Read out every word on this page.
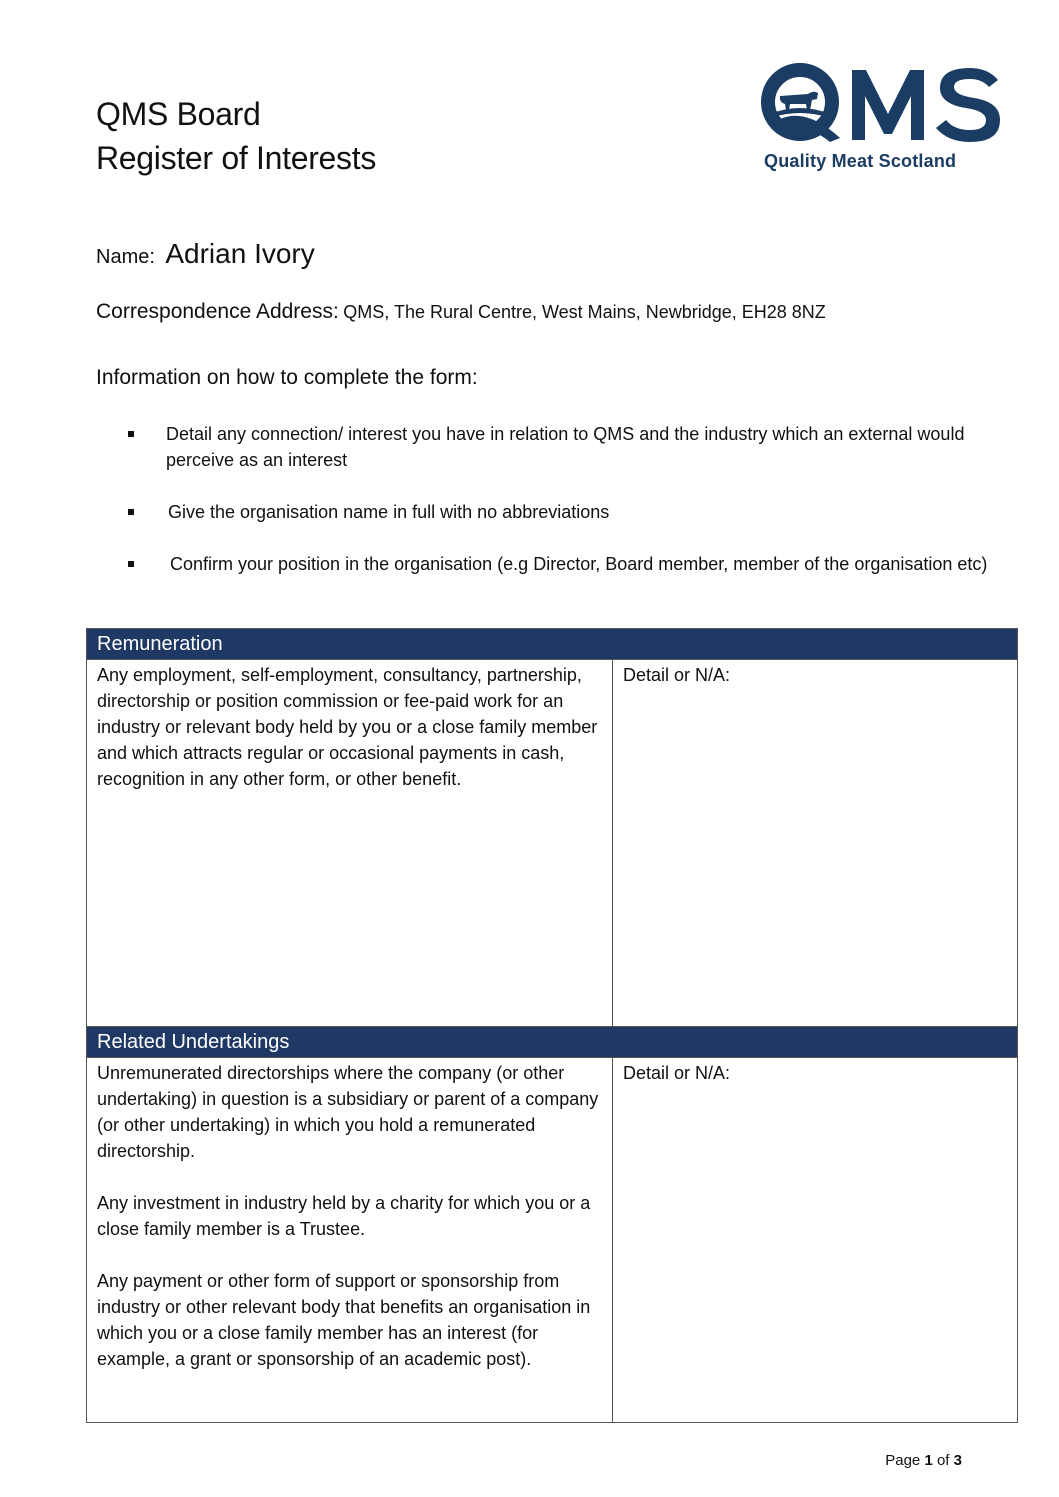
QMS Board
Register of Interests	Quality Meat Scotland
Name: Adrian Ivory
Correspondence Address: QMS, The Rural Centre, West Mains, Newbridge, EH28 8NZ
Information on how to complete the form:
Detail any connection/ interest you have in relation to QMS and the industry which an external would perceive as an interest
Give the organisation name in full with no abbreviations
Confirm your position in the organisation (e.g Director, Board member, member of the organisation etc)
Remuneration	

Any employment, self-employment, consultancy, partnership, directorship or position commission or fee-paid work for an industry or relevant body held by you or a close family member and which attracts regular or occasional payments in cash, recognition in any other form, or other benefit.	Detail or N/A:
Related Undertakings	

Unremunerated directorships where the company (or other undertaking) in question is a subsidiary or parent of a company (or other undertaking) in which you hold a remunerated directorship.

Any investment in industry held by a charity for which you or a close family member is a Trustee.

Any payment or other form of support or sponsorship from industry or other relevant body that benefits an organisation in which you or a close family member has an interest (for example, a grant or sponsorship of an academic post).	Detail or N/A:
Page 1 of 3
